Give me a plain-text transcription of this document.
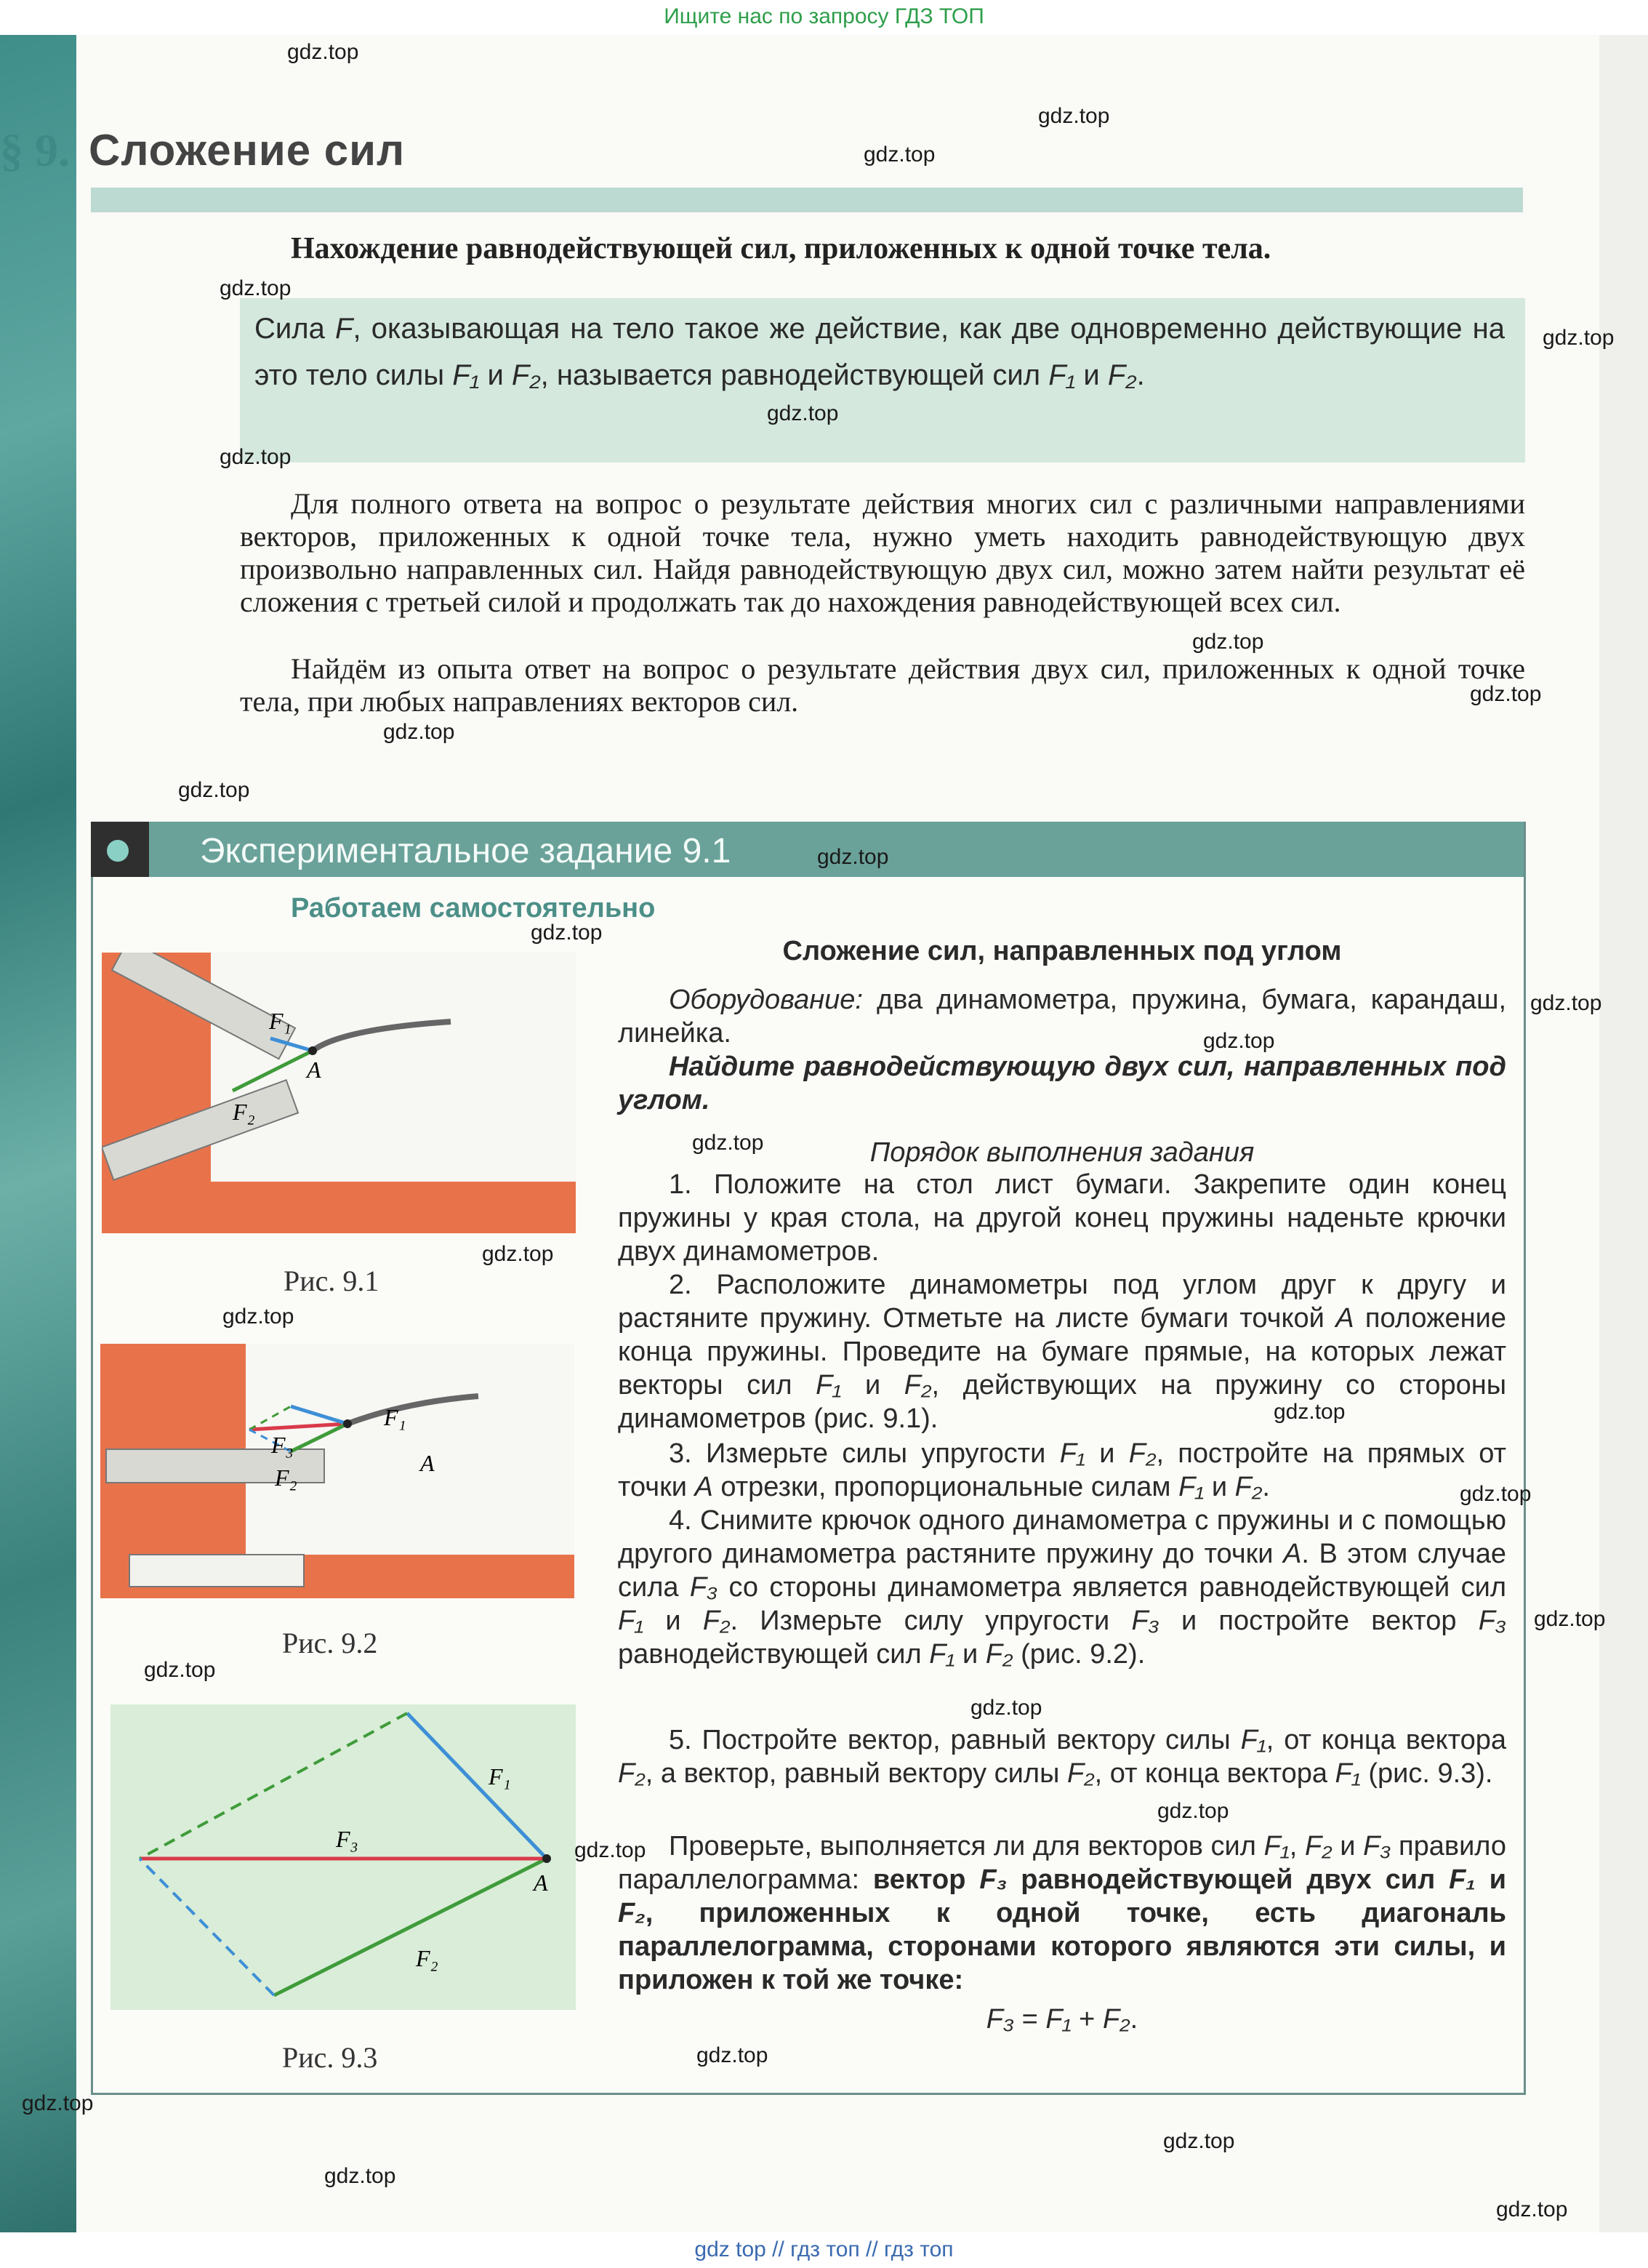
Ищите нас по запросу ГДЗ ТОП
§ 9. Сложение сил
Нахождение равнодействующей сил, приложенных к одной точке тела.
Сила F, оказывающая на тело такое же действие, как две одновременно действующие на это тело силы F₁ и F₂, называется равнодействующей сил F₁ и F₂.
Для полного ответа на вопрос о результате действия многих сил с различными направлениями векторов, приложенных к одной точке тела, нужно уметь находить равнодействующую двух произвольно направленных сил. Найдя равнодействующую двух сил, можно затем найти результат её сложения с третьей силой и продолжать так до нахождения равнодействующей всех сил.
Найдём из опыта ответ на вопрос о результате действия двух сил, приложенных к одной точке тела, при любых направлениях векторов сил.
Экспериментальное задание 9.1
Работаем самостоятельно
F₁
F₂
A
Рис. 9.1
F₁
F₂
F₃
A
Рис. 9.2
F₁
F₂
F₃
A
Рис. 9.3
Сложение сил, направленных под углом
Оборудование: два динамометра, пружина, бумага, карандаш, линейка.
Найдите равнодействующую двух сил, направленных под углом.
Порядок выполнения задания
1. Положите на стол лист бумаги. Закрепите один конец пружины у края стола, на другой конец пружины наденьте крючки двух динамометров.
2. Расположите динамометры под углом друг к другу и растяните пружину. Отметьте на листе бумаги точкой A положение конца пружины. Проведите на бумаге прямые, на которых лежат векторы сил F₁ и F₂, действующих на пружину со стороны динамометров (рис. 9.1).
3. Измерьте силы упругости F₁ и F₂, постройте на прямых от точки A отрезки, пропорциональные силам F₁ и F₂.
4. Снимите крючок одного динамометра с пружины и с помощью другого динамометра растяните пружину до точки A. В этом случае сила F₃ со стороны динамометра является равнодействующей сил F₁ и F₂. Измерьте силу упругости F₃ и постройте вектор F₃ равнодействующей сил F₁ и F₂ (рис. 9.2).
5. Постройте вектор, равный вектору силы F₁, от конца вектора F₂, а вектор, равный вектору силы F₂, от конца вектора F₁ (рис. 9.3).
Проверьте, выполняется ли для векторов сил F₁, F₂ и F₃ правило параллелограмма: вектор F₃ равнодействующей двух сил F₁ и F₂, приложенных к одной точке, есть диагональ параллелограмма, сторонами которого являются эти силы, и приложен к той же точке:
F₃ = F₁ + F₂.
gdz.top
gdz.top
gdz.top
gdz.top
gdz.top
gdz.top
gdz.top
gdz.top
gdz.top
gdz.top
gdz.top
gdz.top
gdz.top
gdz.top
gdz.top
gdz.top
gdz.top
gdz.top
gdz.top
gdz.top
gdz.top
gdz.top
gdz.top
gdz.top
gdz.top
gdz.top
gdz.top
gdz.top
gdz.top
gdz.top
gdz top // гдз топ // гдз топ
